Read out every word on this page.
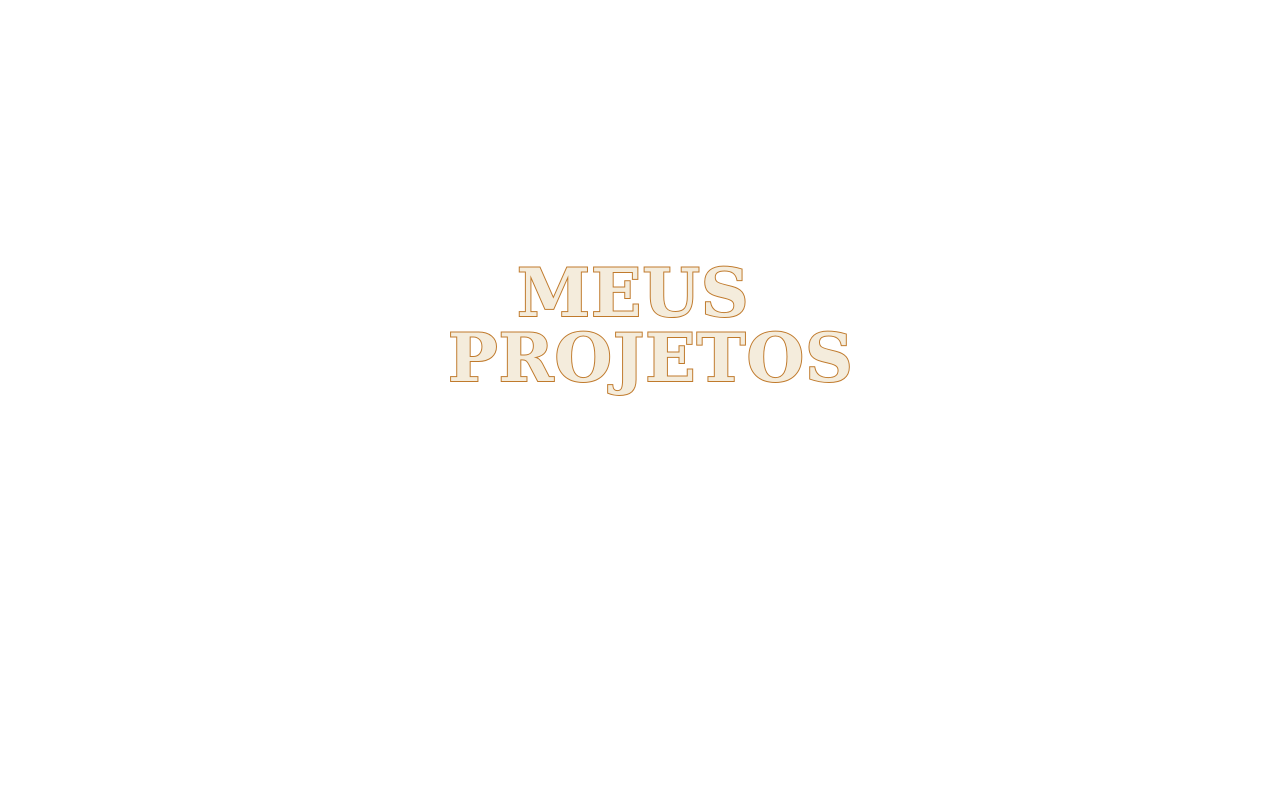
MEUS
PROJETOS
